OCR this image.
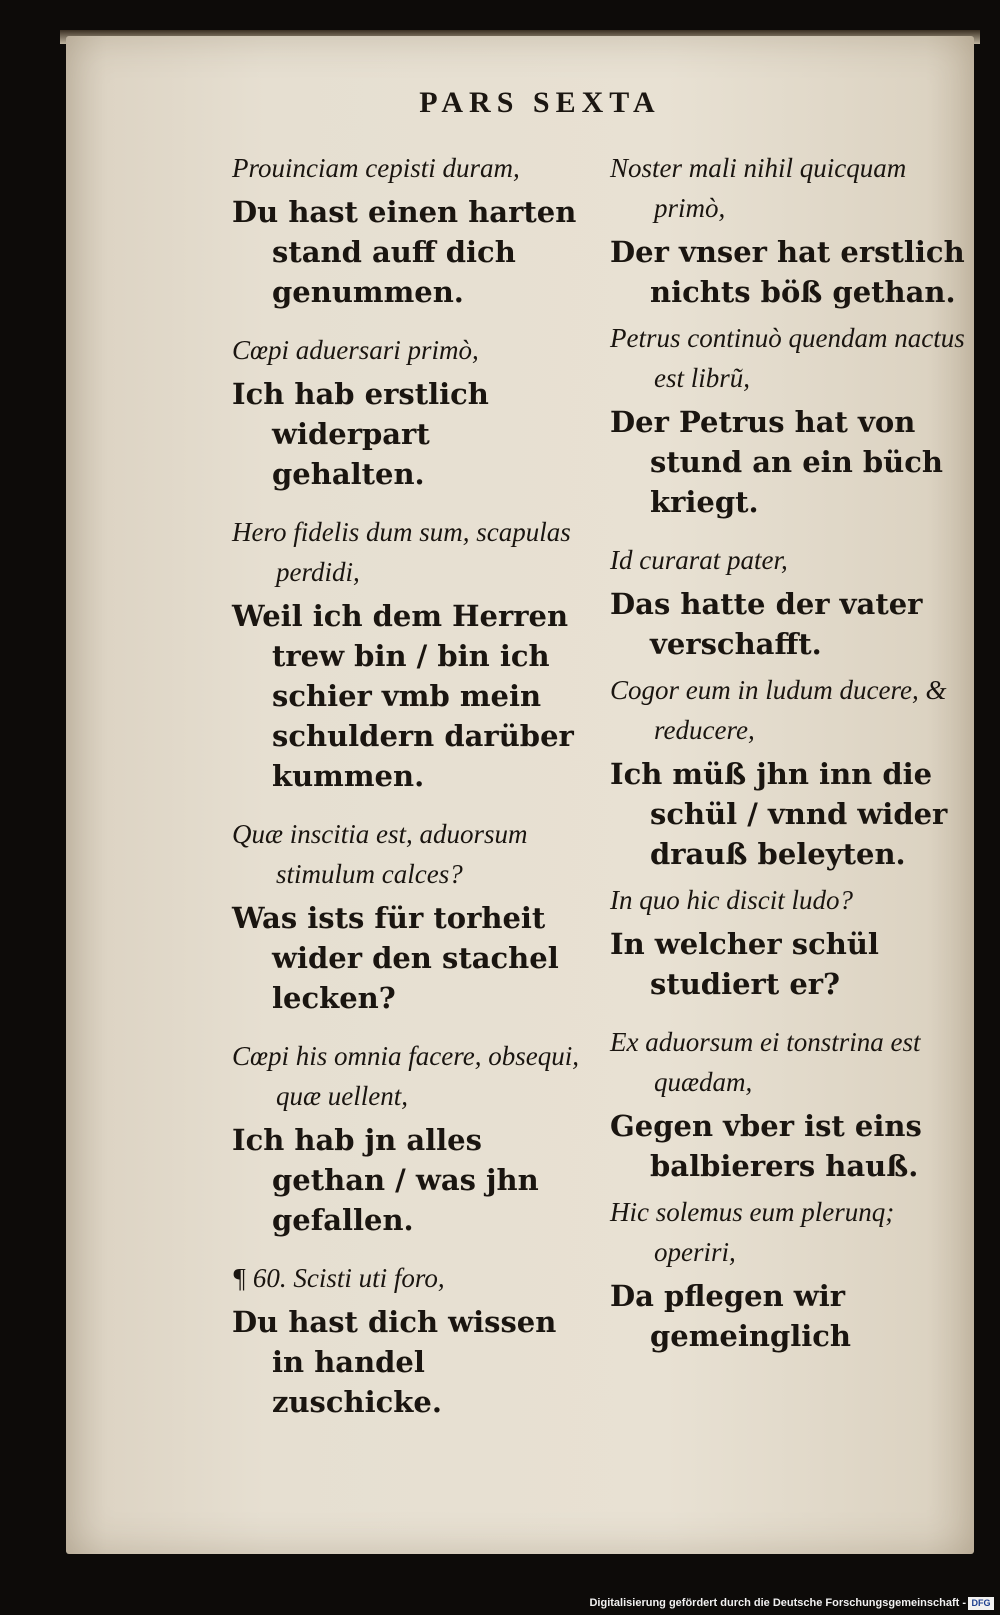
PARS SEXTA

Prouinciam cepisti duram,

Du hast einen harten stand auff dich genummen.

Cœpi aduersari primò,

Ich hab erstlich widerpart gehalten.

Hero fidelis dum sum, scapulas perdidi,

Weil ich dem Herren trew bin / bin ich schier vmb mein schuldern darüber kummen.

Quæ inscitia est, aduorsum stimulum calces?

Was ists für torheit wider den stachel lecken?

Cœpi his omnia facere, obsequi, quæ uellent,

Ich hab jn alles gethan / was jhn gefallen.

¶ 60. Scisti uti foro,

Du hast dich wissen in handel zuschicke.

Noster mali nihil quicquam primò,

Der vnser hat erstlich nichts böß gethan.

Petrus continuò quendam nactus est librũ,

Der Petrus hat von stund an ein büch kriegt.

Id curarat pater,

Das hatte der vater verschafft.

Cogor eum in ludum ducere, & reducere,

Ich müß jhn inn die schül / vnnd wider drauß beleyten.

In quo hic discit ludo?

In welcher schül studiert er?

Ex aduorsum ei tonstrina est quædam,

Gegen vber ist eins balbierers hauß.

Hic solemus eum plerunq; operiri,

Da pflegen wir gemeinglich

Digitalisierung gefördert durch die Deutsche Forschungsgemeinschaft - DFG
